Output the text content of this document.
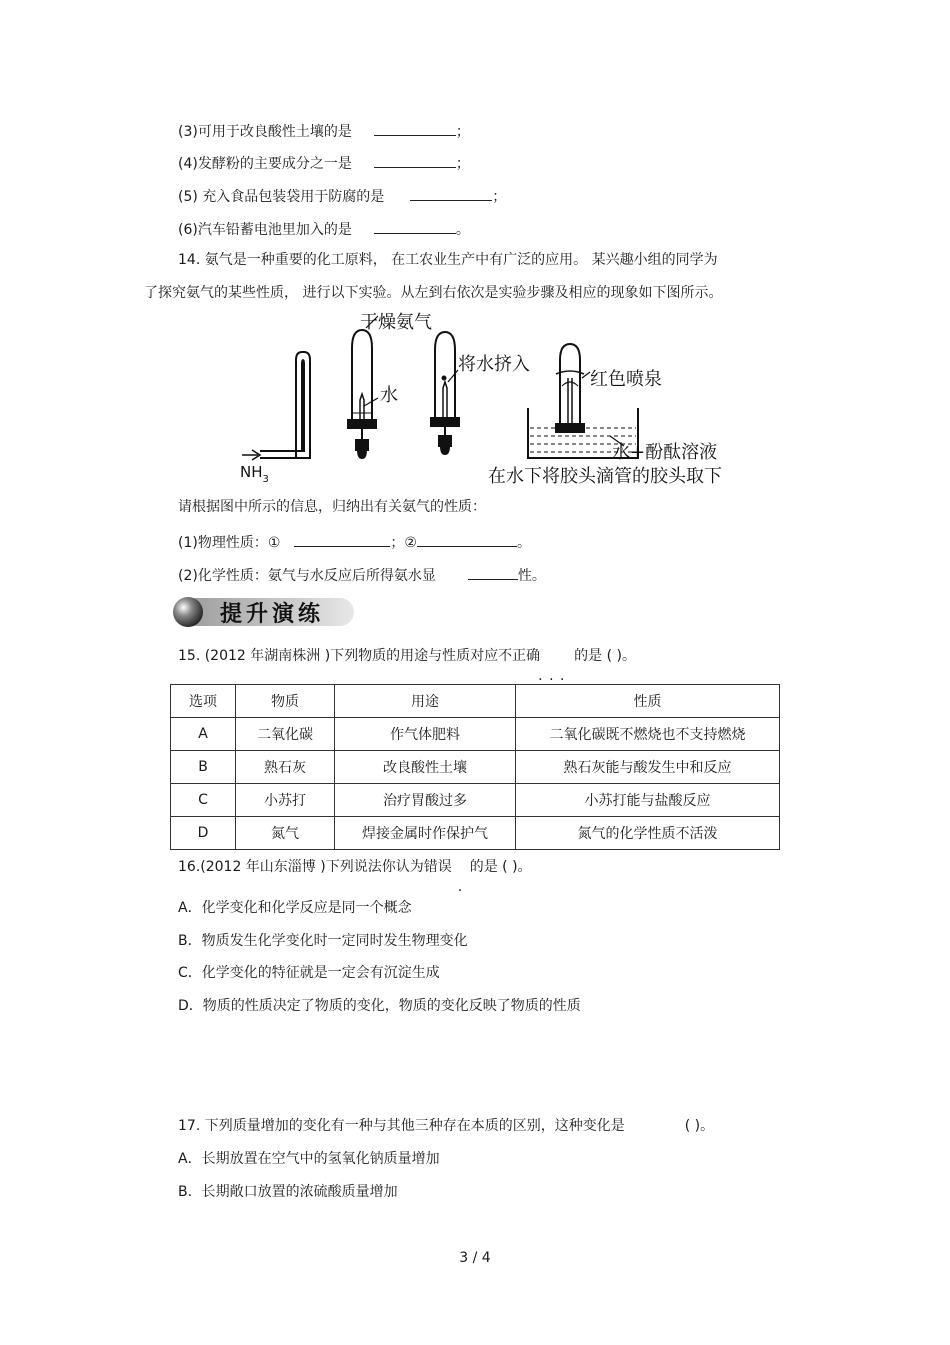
(3)可用于改良酸性土壤的是	；
(4)发酵粉的主要成分之一是	；
(5) 充入食品包装袋用于防腐的是	；
(6)汽车铅蓄电池里加入的是	。
14. 氨气是一种重要的化工原料， 在工农业生产中有广泛的应用。 某兴趣小组的同学为
了探究氨气的某些性质， 进行以下实验。从左到右依次是实验步骤及相应的现象如下图所示。
$NH_3$
干燥氨气
水
将水挤入
红色喷泉
水+酚酞溶液
在水下将胶头滴管的胶头取下
请根据图中所示的信息，归纳出有关氨气的性质：
(1)物理性质：①	；②	。
(2)化学性质：氨气与水反应后所得氨水显	性。
提升演练
15. (2012 年湖南株洲 )下列物质的用途与性质对应不正确 的是 ( )。
选项	物质	用途	性质
A	二氧化碳	作气体肥料	二氧化碳既不燃烧也不支持燃烧
B	熟石灰	改良酸性土壤	熟石灰能与酸发生中和反应
C	小苏打	治疗胃酸过多	小苏打能与盐酸反应
D	氮气	焊接金属时作保护气	氮气的化学性质不活泼
16.(2012 年山东淄博 )下列说法你认为错误 的是 ( )。
A．化学变化和化学反应是同一个概念
B．物质发生化学变化时一定同时发生物理变化
C．化学变化的特征就是一定会有沉淀生成
D．物质的性质决定了物质的变化，物质的变化反映了物质的性质
17. 下列质量增加的变化有一种与其他三种存在本质的区别，这种变化是	( )。
A．长期放置在空气中的氢氧化钠质量增加
B．长期敞口放置的浓硫酸质量增加
3 / 4
